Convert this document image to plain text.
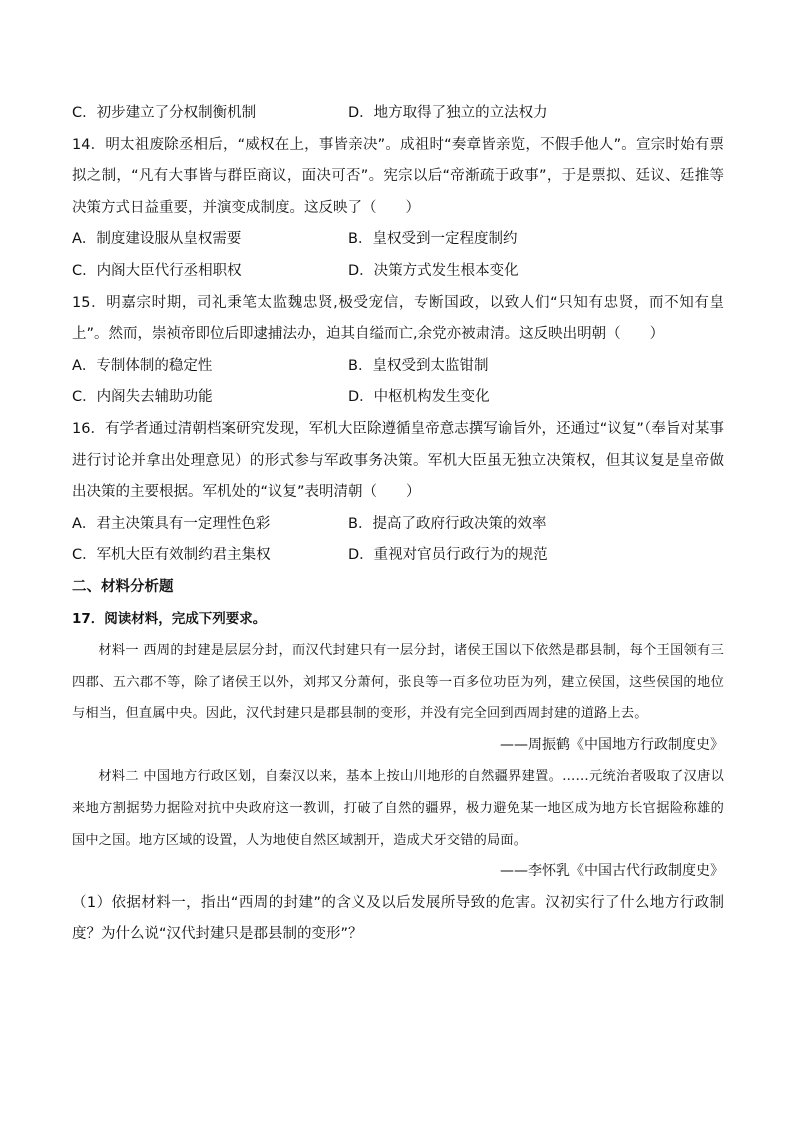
C．初步建立了分权制衡机制	D．地方取得了独立的立法权力
14．明太祖废除丞相后，“威权在上，事皆亲决”。成祖时“奏章皆亲览，不假手他人”。宣宗时始有票拟之制，“凡有大事皆与群臣商议，面决可否”。宪宗以后“帝渐疏于政事”，于是票拟、廷议、廷推等决策方式日益重要，并演变成制度。这反映了（　　）
A．制度建设服从皇权需要	B．皇权受到一定程度制约
C．内阁大臣代行丞相职权	D．决策方式发生根本变化
15．明嘉宗时期，司礼秉笔太监魏忠贤,极受宠信，专断国政，以致人们“只知有忠贤，而不知有皇上”。然而，崇祯帝即位后即逮捕法办，迫其自缢而亡,余党亦被肃清。这反映出明朝（　　）
A．专制体制的稳定性	B．皇权受到太监钳制
C．内阁失去辅助功能	D．中枢机构发生变化
16．有学者通过清朝档案研究发现，军机大臣除遵循皇帝意志撰写谕旨外，还通过“议复”（奉旨对某事进行讨论并拿出处理意见）的形式参与军政事务决策。军机大臣虽无独立决策权，但其议复是皇帝做出决策的主要根据。军机处的“议复”表明清朝（　　）
A．君主决策具有一定理性色彩	B．提高了政府行政决策的效率
C．军机大臣有效制约君主集权	D．重视对官员行政行为的规范
二、材料分析题
17．阅读材料，完成下列要求。
材料一 西周的封建是层层分封，而汉代封建只有一层分封，诸侯王国以下依然是郡县制，每个王国领有三四郡、五六郡不等，除了诸侯王以外，刘邦又分萧何，张良等一百多位功臣为列，建立侯国，这些侯国的地位与相当，但直属中央。因此，汉代封建只是郡县制的变形，并没有完全回到西周封建的道路上去。
——周振鹤《中国地方行政制度史》
材料二 中国地方行政区划，自秦汉以来，基本上按山川地形的自然疆界建置。……元统治者吸取了汉唐以来地方割据势力据险对抗中央政府这一教训，打破了自然的疆界，极力避免某一地区成为地方长官据险称雄的国中之国。地方区域的设置，人为地使自然区域割开，造成犬牙交错的局面。
——李怀乳《中国古代行政制度史》
（1）依据材料一，指出“西周的封建”的含义及以后发展所导致的危害。汉初实行了什么地方行政制度？为什么说“汉代封建只是郡县制的变形”？
